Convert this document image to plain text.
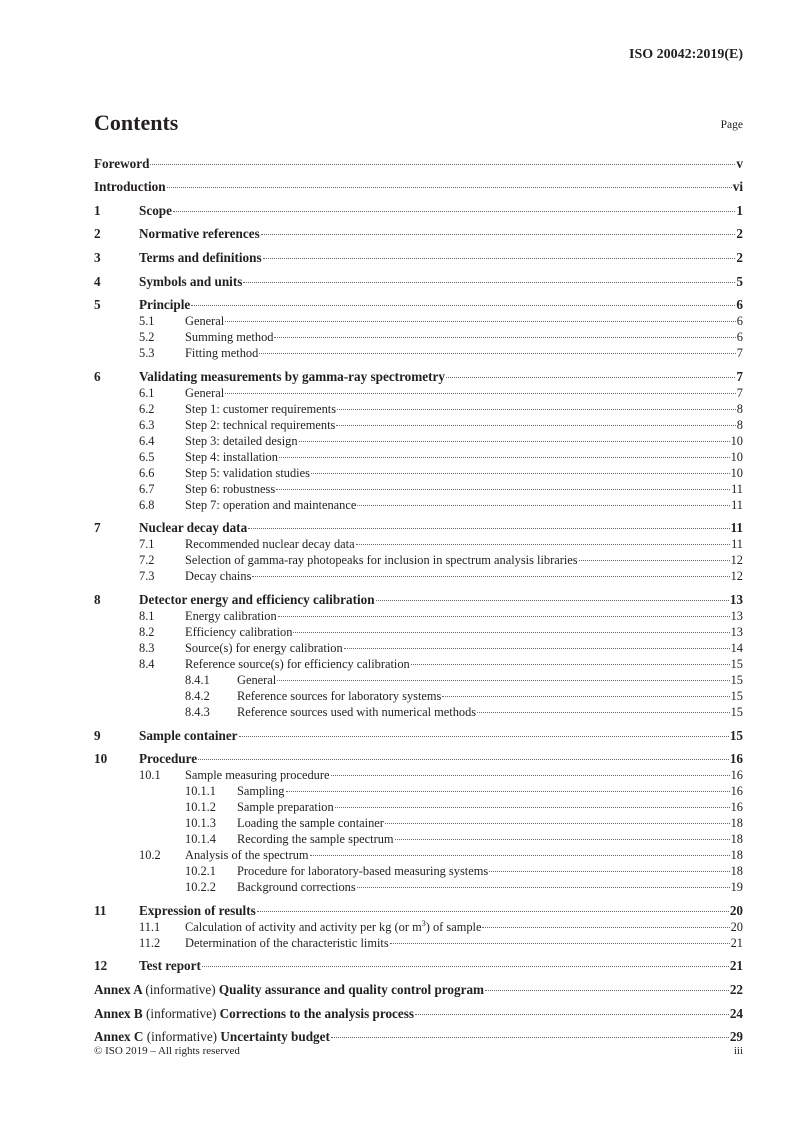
ISO 20042:2019(E)
Contents	Page
Foreword	v
Introduction	vi
1	Scope	1
2	Normative references	2
3	Terms and definitions	2
4	Symbols and units	5
5	Principle	6
5.1	General	6
5.2	Summing method	6
5.3	Fitting method	7
6	Validating measurements by gamma-ray spectrometry	7
6.1	General	7
6.2	Step 1: customer requirements	8
6.3	Step 2: technical requirements	8
6.4	Step 3: detailed design	10
6.5	Step 4: installation	10
6.6	Step 5: validation studies	10
6.7	Step 6: robustness	11
6.8	Step 7: operation and maintenance	11
7	Nuclear decay data	11
7.1	Recommended nuclear decay data	11
7.2	Selection of gamma-ray photopeaks for inclusion in spectrum analysis libraries	12
7.3	Decay chains	12
8	Detector energy and efficiency calibration	13
8.1	Energy calibration	13
8.2	Efficiency calibration	13
8.3	Source(s) for energy calibration	14
8.4	Reference source(s) for efficiency calibration	15
8.4.1	General	15
8.4.2	Reference sources for laboratory systems	15
8.4.3	Reference sources used with numerical methods	15
9	Sample container	15
10	Procedure	16
10.1	Sample measuring procedure	16
10.1.1	Sampling	16
10.1.2	Sample preparation	16
10.1.3	Loading the sample container	18
10.1.4	Recording the sample spectrum	18
10.2	Analysis of the spectrum	18
10.2.1	Procedure for laboratory-based measuring systems	18
10.2.2	Background corrections	19
11	Expression of results	20
11.1	Calculation of activity and activity per kg (or $m^3$) of sample	20
11.2	Determination of the characteristic limits	21
12	Test report	21
Annex A (informative) Quality assurance and quality control program	22
Annex B (informative) Corrections to the analysis process	24
Annex C (informative) Uncertainty budget	29
© ISO 2019 – All rights reserved	iii
